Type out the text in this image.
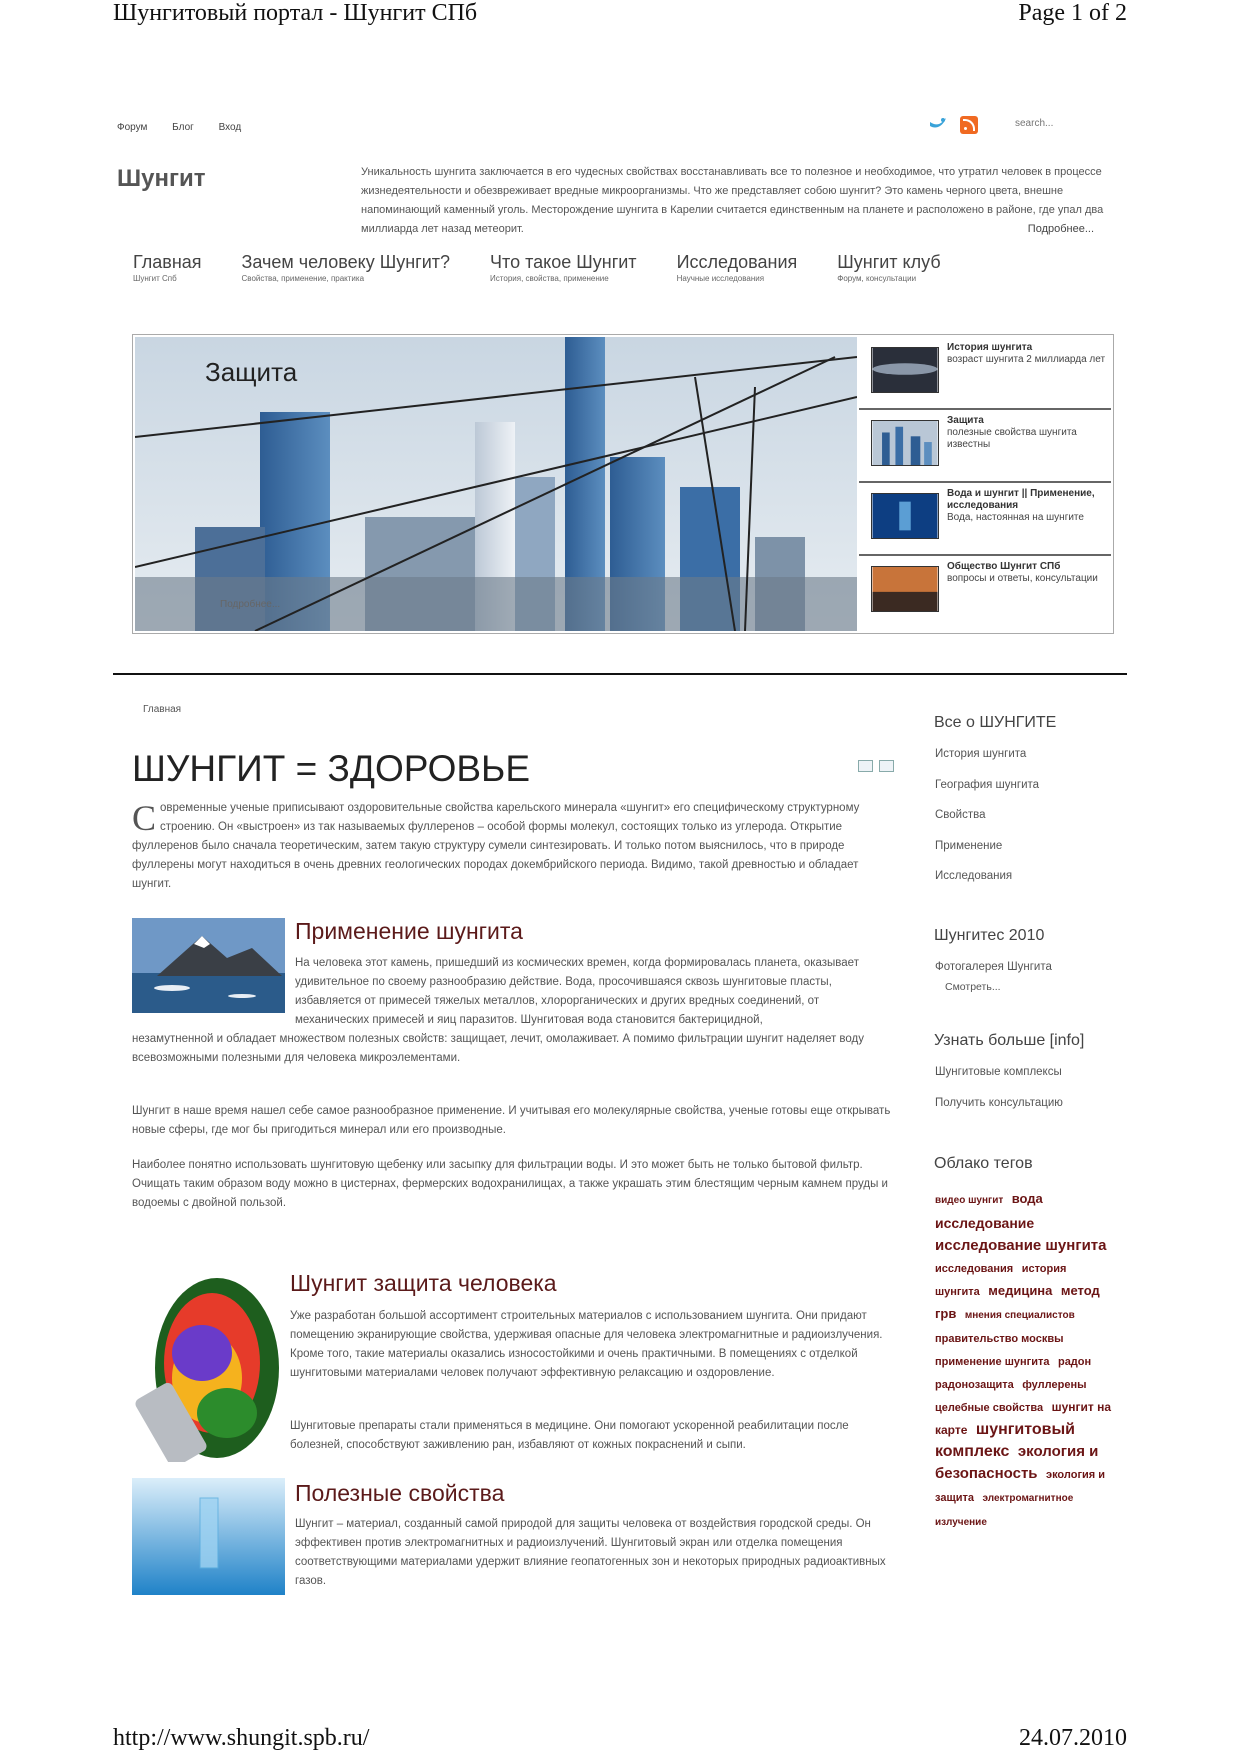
Шунгитовый портал - Шунгит СПб	Page 1 of 2
Форум Блог Вход
search...
Шунгит	Уникальность шунгита заключается в его чудесных свойствах восстанавливать все то полезное и необходимое, что утратил человек в процессе жизнедеятельности и обезвреживает вредные микроорганизмы. Что же представляет собою шунгит? Это камень черного цвета, внешне напоминающий каменный уголь. Месторождение шунгита в Карелии считается единственным на планете и расположено в районе, где упал два миллиарда лет назад метеорит.	Подробнее...
Главная
Шунгит Спб
Зачем человеку Шунгит?
Свойства, применение, практика
Что такое Шунгит
История, свойства, применение
Исследования
Научные исследования
Шунгит клуб
Форум, консультации
Защита
Подробнее...
История шунгита
возраст шунгита 2 миллиарда лет
Защита
полезные свойства шунгита известны
Вода и шунгит || Применение, исследования
Вода, настоянная на шунгите
Общество Шунгит СПб
вопросы и ответы, консультации
Главная
ШУНГИТ = ЗДОРОВЬЕ
С овременные ученые приписывают оздоровительные свойства карельского минерала «шунгит» его специфическому структурному строению. Он «выстроен» из так называемых фуллеренов – особой формы молекул, состоящих только из углерода. Открытие фуллеренов было сначала теоретическим, затем такую структуру сумели синтезировать. И только потом выяснилось, что в природе фуллерены могут находиться в очень древних геологических породах докембрийского периода. Видимо, такой древностью и обладает шунгит.
Применение шунгита
На человека этот камень, пришедший из космических времен, когда формировалась планета, оказывает удивительное по своему разнообразию действие. Вода, просочившаяся сквозь шунгитовые пласты, избавляется от примесей тяжелых металлов, хлорорганических и других вредных соединений, от механических примесей и яиц паразитов. Шунгитовая вода становится бактерицидной,
незамутненной и обладает множеством полезных свойств: защищает, лечит, омолаживает. А помимо фильтрации шунгит наделяет воду всевозможными полезными для человека микроэлементами.
Шунгит в наше время нашел себе самое разнообразное применение. И учитывая его молекулярные свойства, ученые готовы еще открывать новые сферы, где мог бы пригодиться минерал или его производные.
Наиболее понятно использовать шунгитовую щебенку или засыпку для фильтрации воды. И это может быть не только бытовой фильтр. Очищать таким образом воду можно в цистернах, фермерских водохранилищах, а также украшать этим блестящим черным камнем пруды и водоемы с двойной пользой.
Шунгит защита человека
Уже разработан большой ассортимент строительных материалов с использованием шунгита. Они придают помещению экранирующие свойства, удерживая опасные для человека электромагнитные и радиоизлучения. Кроме того, такие материалы оказались износостойкими и очень практичными. В помещениях с отделкой шунгитовыми материалами человек получают эффективную релаксацию и оздоровление.
Шунгитовые препараты стали применяться в медицине. Они помогают ускоренной реабилитации после болезней, способствуют заживлению ран, избавляют от кожных покраснений и сыпи.
Полезные свойства
Шунгит – материал, созданный самой природой для защиты человека от воздействия городской среды. Он эффективен против электромагнитных и радиоизлучений. Шунгитовый экран или отделка помещения соответствующими материалами удержит влияние геопатогенных зон и некоторых природных радиоактивных газов.
Все о ШУНГИТЕ
История шунгита
География шунгита
Свойства
Применение
Исследования
Шунгитес 2010
Фотогалерея Шунгита
Смотреть...
Узнать больше [info]
Шунгитовые комплексы
Получить консультацию
Облако тегов
видео шунгит вода исследование исследование шунгита исследования история шунгита медицина метод грв мнения специалистов правительство москвы применение шунгита радон радонозащита фуллерены целебные свойства шунгит на карте шунгитовый комплекс экология и безопасность экология и защита электромагнитное излучение
http://www.shungit.spb.ru/	24.07.2010
